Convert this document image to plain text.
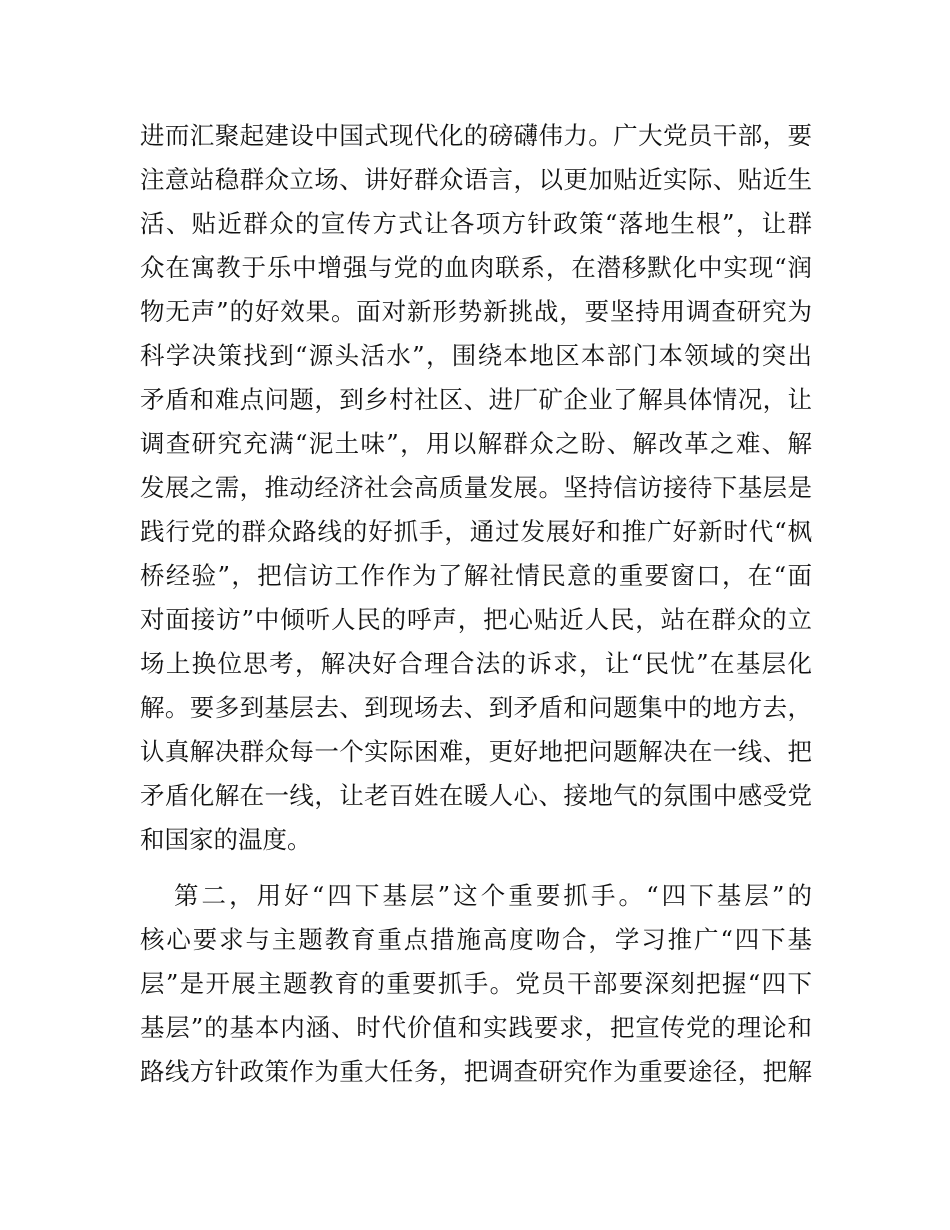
进而汇聚起建设中国式现代化的磅礴伟力。广大党员干部，要
注意站稳群众立场、讲好群众语言，以更加贴近实际、贴近生
活、贴近群众的宣传方式让各项方针政策“落地生根”，让群
众在寓教于乐中增强与党的血肉联系，在潜移默化中实现“润
物无声”的好效果。面对新形势新挑战，要坚持用调查研究为
科学决策找到“源头活水”，围绕本地区本部门本领域的突出
矛盾和难点问题，到乡村社区、进厂矿企业了解具体情况，让
调查研究充满“泥土味”，用以解群众之盼、解改革之难、解
发展之需，推动经济社会高质量发展。坚持信访接待下基层是
践行党的群众路线的好抓手，通过发展好和推广好新时代“枫
桥经验”，把信访工作作为了解社情民意的重要窗口，在“面
对面接访”中倾听人民的呼声，把心贴近人民，站在群众的立
场上换位思考，解决好合理合法的诉求，让“民忧”在基层化
解。要多到基层去、到现场去、到矛盾和问题集中的地方去，
认真解决群众每一个实际困难，更好地把问题解决在一线、把
矛盾化解在一线，让老百姓在暖人心、接地气的氛围中感受党
和国家的温度。
第二，用好“四下基层”这个重要抓手。“四下基层”的
核心要求与主题教育重点措施高度吻合，学习推广“四下基
层”是开展主题教育的重要抓手。党员干部要深刻把握“四下
基层”的基本内涵、时代价值和实践要求，把宣传党的理论和
路线方针政策作为重大任务，把调查研究作为重要途径，把解
